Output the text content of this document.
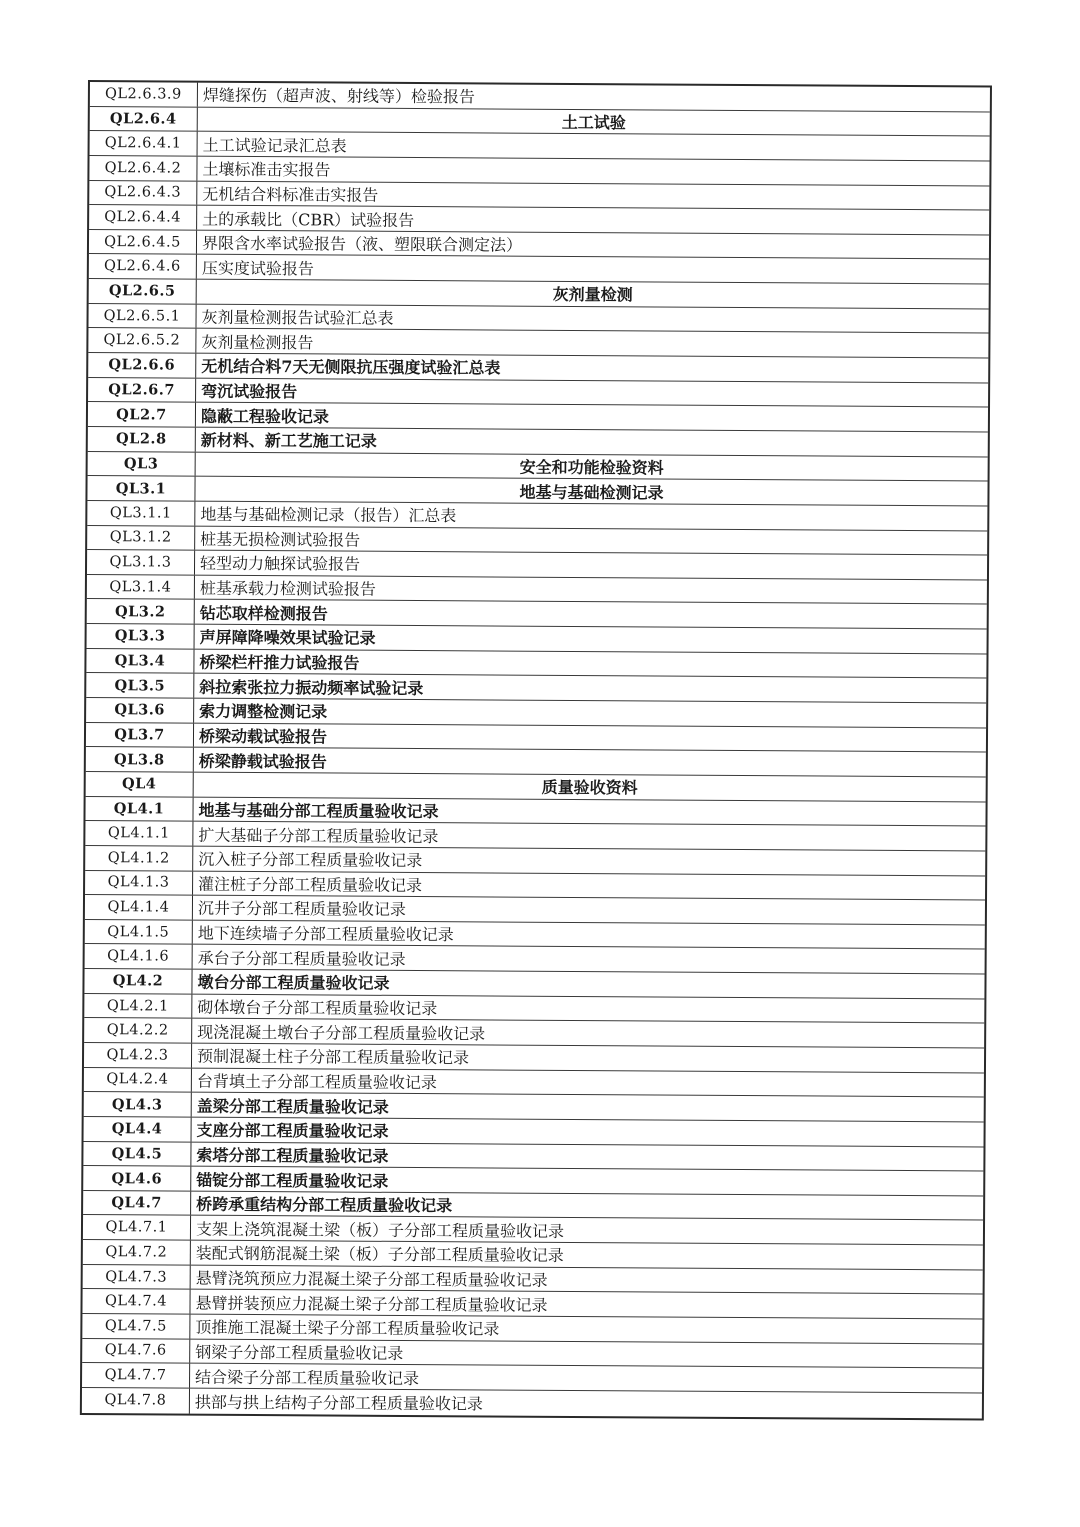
QL2.6.3.9	焊缝探伤（超声波、射线等）检验报告
QL2.6.4	土工试验
QL2.6.4.1	土工试验记录汇总表
QL2.6.4.2	土壤标准击实报告
QL2.6.4.3	无机结合料标准击实报告
QL2.6.4.4	土的承载比（CBR）试验报告
QL2.6.4.5	界限含水率试验报告（液、塑限联合测定法）
QL2.6.4.6	压实度试验报告
QL2.6.5	灰剂量检测
QL2.6.5.1	灰剂量检测报告试验汇总表
QL2.6.5.2	灰剂量检测报告
QL2.6.6	无机结合料7天无侧限抗压强度试验汇总表
QL2.6.7	弯沉试验报告
QL2.7	隐蔽工程验收记录
QL2.8	新材料、新工艺施工记录
QL3	安全和功能检验资料
QL3.1	地基与基础检测记录
QL3.1.1	地基与基础检测记录（报告）汇总表
QL3.1.2	桩基无损检测试验报告
QL3.1.3	轻型动力触探试验报告
QL3.1.4	桩基承载力检测试验报告
QL3.2	钻芯取样检测报告
QL3.3	声屏障降噪效果试验记录
QL3.4	桥梁栏杆推力试验报告
QL3.5	斜拉索张拉力振动频率试验记录
QL3.6	索力调整检测记录
QL3.7	桥梁动载试验报告
QL3.8	桥梁静载试验报告
QL4	质量验收资料
QL4.1	地基与基础分部工程质量验收记录
QL4.1.1	扩大基础子分部工程质量验收记录
QL4.1.2	沉入桩子分部工程质量验收记录
QL4.1.3	灌注桩子分部工程质量验收记录
QL4.1.4	沉井子分部工程质量验收记录
QL4.1.5	地下连续墙子分部工程质量验收记录
QL4.1.6	承台子分部工程质量验收记录
QL4.2	墩台分部工程质量验收记录
QL4.2.1	砌体墩台子分部工程质量验收记录
QL4.2.2	现浇混凝土墩台子分部工程质量验收记录
QL4.2.3	预制混凝土柱子分部工程质量验收记录
QL4.2.4	台背填土子分部工程质量验收记录
QL4.3	盖梁分部工程质量验收记录
QL4.4	支座分部工程质量验收记录
QL4.5	索塔分部工程质量验收记录
QL4.6	锚锭分部工程质量验收记录
QL4.7	桥跨承重结构分部工程质量验收记录
QL4.7.1	支架上浇筑混凝土梁（板）子分部工程质量验收记录
QL4.7.2	装配式钢筋混凝土梁（板）子分部工程质量验收记录
QL4.7.3	悬臂浇筑预应力混凝土梁子分部工程质量验收记录
QL4.7.4	悬臂拼装预应力混凝土梁子分部工程质量验收记录
QL4.7.5	顶推施工混凝土梁子分部工程质量验收记录
QL4.7.6	钢梁子分部工程质量验收记录
QL4.7.7	结合梁子分部工程质量验收记录
QL4.7.8	拱部与拱上结构子分部工程质量验收记录
